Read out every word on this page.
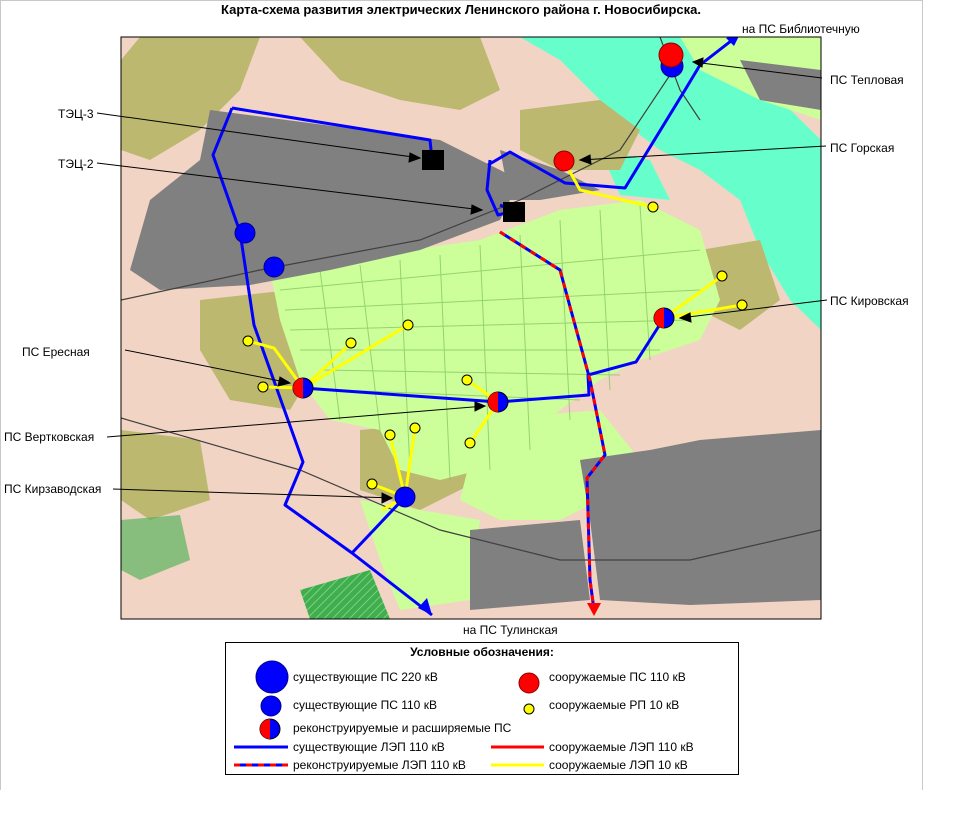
Карта-схема развития электрических Ленинского района г. Новосибирска.
ТЭЦ-3
ТЭЦ-2
ПС Ересная
ПС Вертковская
ПС Кирзаводская
на ПС Библиотечную
ПС Тепловая
ПС Горская
ПС Кировская
на ПС Тулинская
Условные обозначения:
существующие ПС 220 кВ	сооружаемые ПС 110 кВ
существующие ПС 110 кВ	сооружаемые РП 10 кВ
реконструируемые и расширяемые ПС
существующие ЛЭП 110 кВ	сооружаемые ЛЭП 110 кВ
реконструируемые ЛЭП 110 кВ	сооружаемые ЛЭП 10 кВ
